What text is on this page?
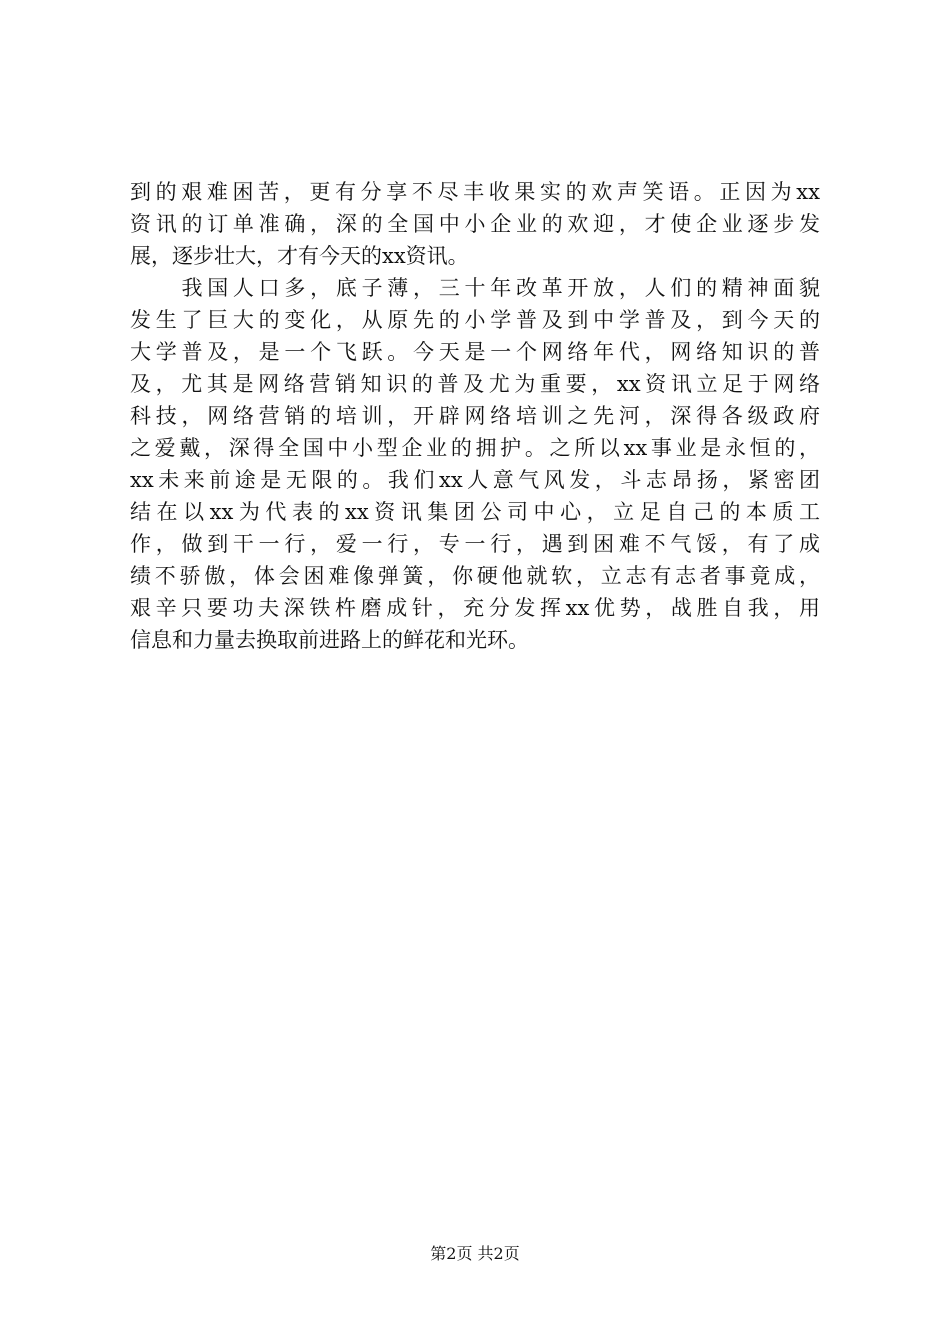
到的艰难困苦，更有分享不尽丰收果实的欢声笑语。正因为xx
资讯的订单准确，深的全国中小企业的欢迎，才使企业逐步发
展，逐步壮大，才有今天的xx资讯。
　　我国人口多，底子薄，三十年改革开放，人们的精神面貌
发生了巨大的变化，从原先的小学普及到中学普及，到今天的
大学普及，是一个飞跃。今天是一个网络年代，网络知识的普
及，尤其是网络营销知识的普及尤为重要，xx资讯立足于网络
科技，网络营销的培训，开辟网络培训之先河，深得各级政府
之爱戴，深得全国中小型企业的拥护。之所以xx事业是永恒的，
xx未来前途是无限的。我们xx人意气风发，斗志昂扬，紧密团
结在以xx为代表的xx资讯集团公司中心，立足自己的本质工
作，做到干一行，爱一行，专一行，遇到困难不气馁，有了成
绩不骄傲，体会困难像弹簧，你硬他就软，立志有志者事竟成，
艰辛只要功夫深铁杵磨成针，充分发挥xx优势，战胜自我，用
信息和力量去换取前进路上的鲜花和光环。
第2页 共2页
